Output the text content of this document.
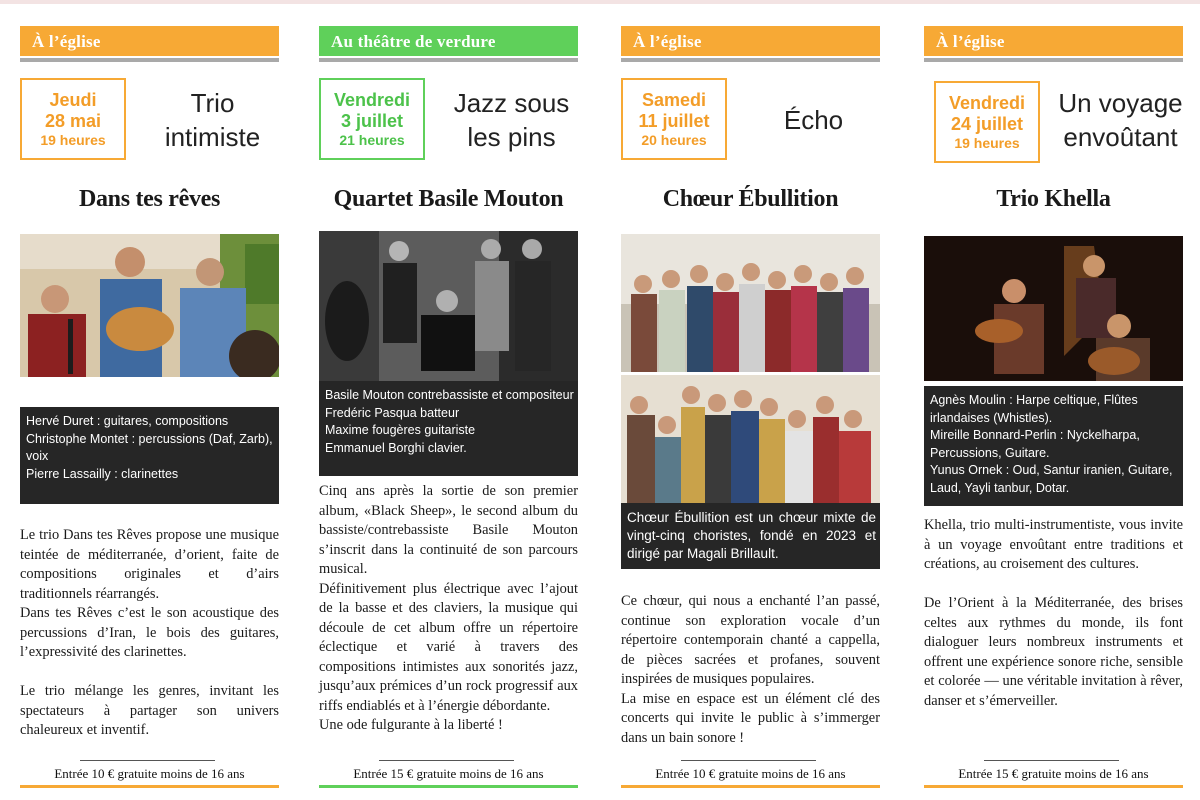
À l’église
Jeudi
28 mai
19 heures
Trio intimiste
Dans tes rêves
Hervé Duret : guitares, compositions
Christophe Montet : percussions (Daf, Zarb), voix
Pierre Lassailly : clarinettes

Le trio Dans tes Rêves propose une musique teintée de méditerranée, d’orient, faite de compositions originales et d’airs traditionnels réarrangés.

Dans tes Rêves c’est le son acoustique des percussions d’Iran, le bois des guitares, l’expressivité des clarinettes.

Le trio mélange les genres, invitant les spectateurs à partager son univers chaleureux et inventif.

Entrée 10 € gratuite moins de 16 ans
Au théâtre de verdure
Vendredi
3 juillet
21 heures
Jazz sous les pins
Quartet Basile Mouton
Basile Mouton contrebassiste et compositeur
Fredéric Pasqua batteur
Maxime fougères guitariste
Emmanuel Borghi clavier.

Cinq ans après la sortie de son premier album, «Black Sheep», le second album du bassiste/contrebassiste Basile Mouton s’inscrit dans la continuité de son parcours musical.

Définitivement plus électrique avec l’ajout de la basse et des claviers, la musique qui découle de cet album offre un répertoire éclectique et varié à travers des compositions intimistes aux sonorités jazz, jusqu’aux prémices d’un rock progressif aux riffs endiablés et à l’énergie débordante.

Une ode fulgurante à la liberté !

Entrée 15 € gratuite moins de 16 ans
À l’église
Samedi
11 juillet
20 heures
Écho
Chœur Ébullition
Chœur Ébullition est un chœur mixte de vingt-cinq choristes, fondé en 2023 et dirigé par Magali Brillault.

Ce chœur, qui nous a enchanté l’an passé, continue son exploration vocale d’un répertoire contemporain chanté a cappella, de pièces sacrées et profanes, souvent inspirées de musiques populaires.

La mise en espace est un élément clé des concerts qui invite le public à s’immerger dans un bain sonore !

Entrée 10 € gratuite moins de 16 ans
À l’église
Vendredi
24 juillet
19 heures
Un voyage envoûtant
Trio Khella
Agnès Moulin : Harpe celtique, Flûtes irlandaises (Whistles).
Mireille Bonnard-Perlin : Nyckelharpa, Percussions, Guitare.
Yunus Ornek : Oud, Santur iranien, Guitare, Laud, Yayli tanbur, Dotar.

Khella, trio multi-instrumentiste, vous invite à un voyage envoûtant entre traditions et créations, au croisement des cultures.

De l’Orient à la Méditerranée, des brises celtes aux rythmes du monde, ils font dialoguer leurs nombreux instruments et offrent une expérience sonore riche, sensible et colorée — une véritable invitation à rêver, danser et s’émerveiller.

Entrée 15 € gratuite moins de 16 ans
